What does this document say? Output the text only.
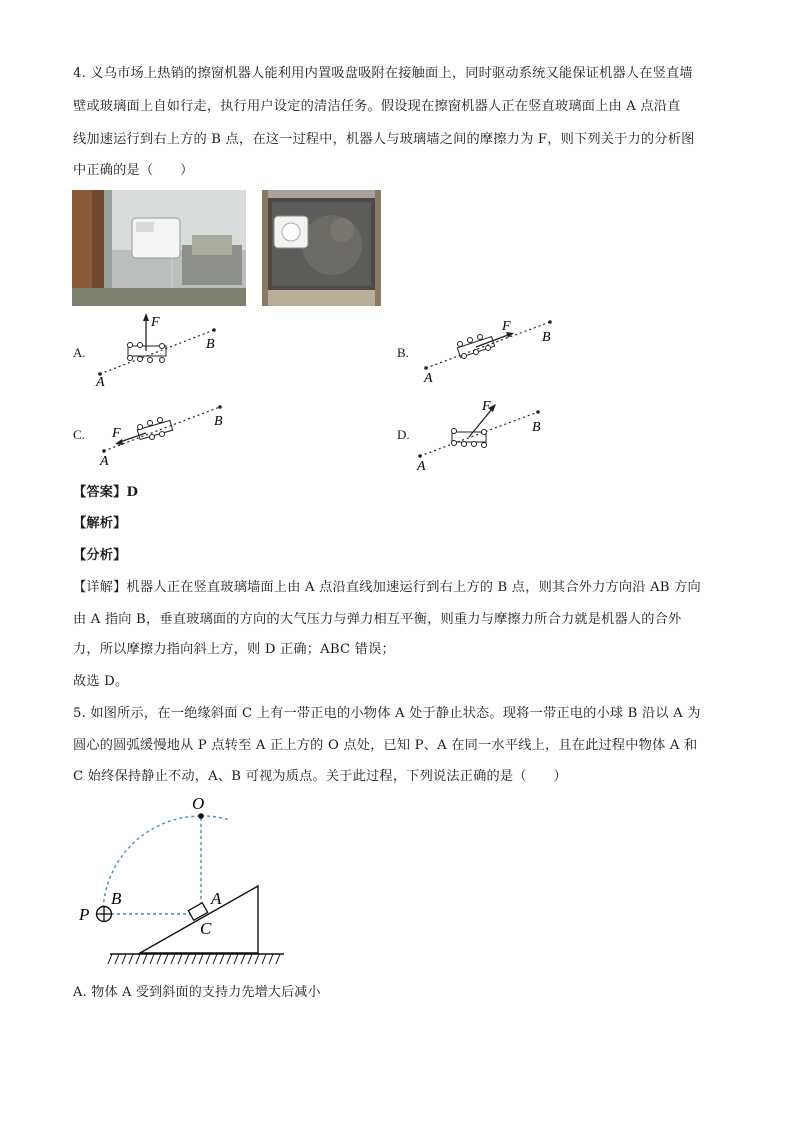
4. 义乌市场上热销的擦窗机器人能利用内置吸盘吸附在接触面上，同时驱动系统又能保证机器人在竖直墙
壁或玻璃面上自如行走，执行用户设定的清洁任务。假设现在擦窗机器人正在竖直玻璃面上由 A 点沿直
线加速运行到右上方的 B 点，在这一过程中，机器人与玻璃墙之间的摩擦力为 F，则下列关于力的分析图
中正确的是（　　）
A.
F
A
B
B.
F
A
B
C. F
A
B
D.
F
A
B
【答案】D
【解析】
【分析】
【详解】机器人正在竖直玻璃墙面上由 A 点沿直线加速运行到右上方的 B 点，则其合外力方向沿 AB 方向
由 A 指向 B，垂直玻璃面的方向的大气压力与弹力相互平衡，则重力与摩擦力所合力就是机器人的合外
力，所以摩擦力指向斜上方，则 D 正确；ABC 错误；
故选 D。
5. 如图所示，在一绝缘斜面 C 上有一带正电的小物体 A 处于静止状态。现将一带正电的小球 B 沿以 A 为
圆心的圆弧缓慢地从 P 点转至 A 正上方的 O 点处，已知 P、A 在同一水平线上，且在此过程中物体 A 和
C 始终保持静止不动，A、B 可视为质点。关于此过程，下列说法正确的是（　　）
O
P
B	A
C
A. 物体 A 受到斜面的支持力先增大后减小
